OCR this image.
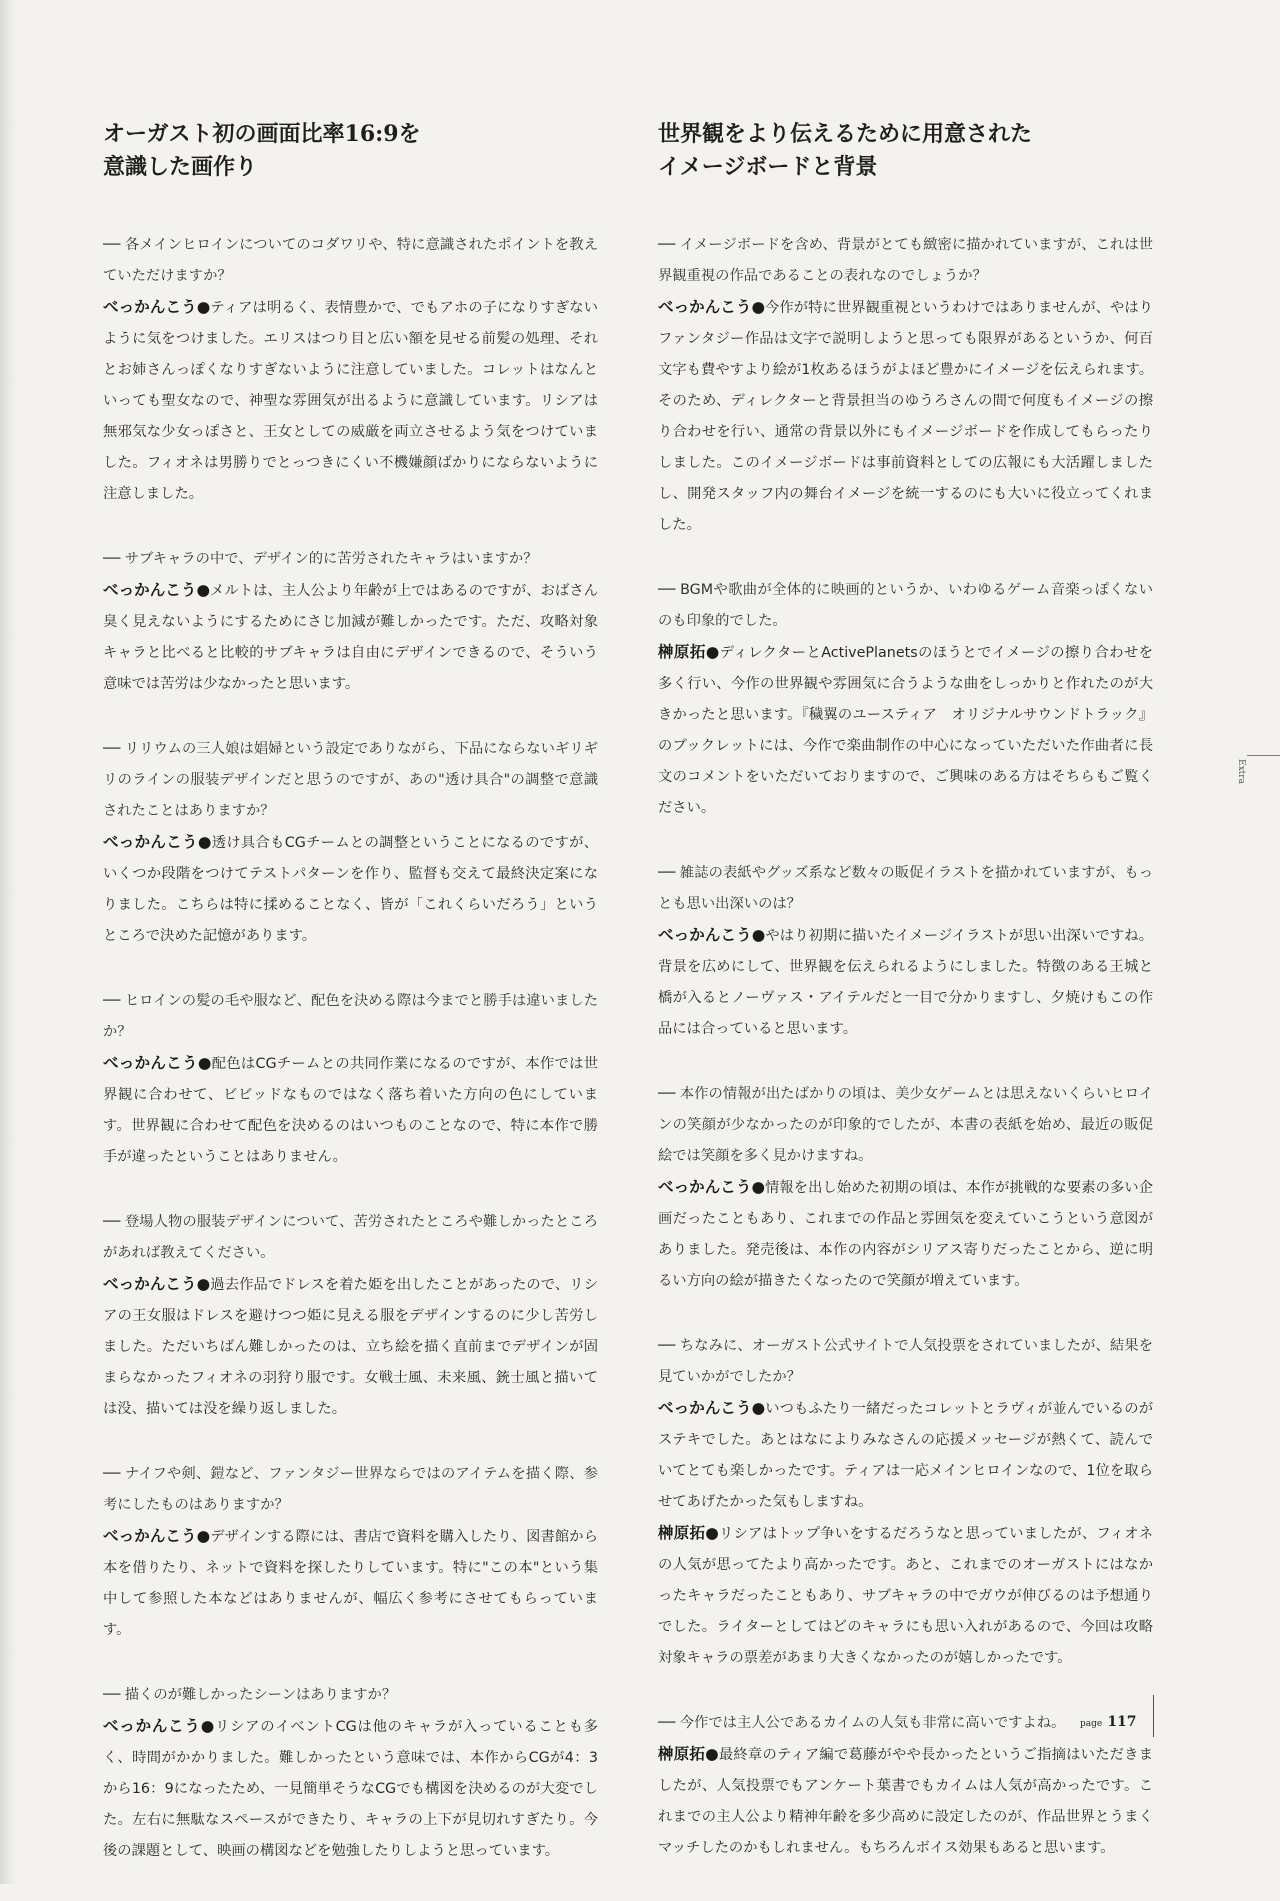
オーガスト初の画面比率16:9を
意識した画作り

── 各メインヒロインについてのコダワリや、特に意識されたポイントを教えていただけますか？

べっかんこう●ティアは明るく、表情豊かで、でもアホの子になりすぎないように気をつけました。エリスはつり目と広い額を見せる前髪の処理、それとお姉さんっぽくなりすぎないように注意していました。コレットはなんといっても聖女なので、神聖な雰囲気が出るように意識しています。リシアは無邪気な少女っぽさと、王女としての威厳を両立させるよう気をつけていました。フィオネは男勝りでとっつきにくい不機嫌顔ばかりにならないように注意しました。

── サブキャラの中で、デザイン的に苦労されたキャラはいますか？

べっかんこう●メルトは、主人公より年齢が上ではあるのですが、おばさん臭く見えないようにするためにさじ加減が難しかったです。ただ、攻略対象キャラと比べると比較的サブキャラは自由にデザインできるので、そういう意味では苦労は少なかったと思います。

── リリウムの三人娘は娼婦という設定でありながら、下品にならないギリギリのラインの服装デザインだと思うのですが、あの"透け具合"の調整で意識されたことはありますか？

べっかんこう●透け具合もCGチームとの調整ということになるのですが、いくつか段階をつけてテストパターンを作り、監督も交えて最終決定案になりました。こちらは特に揉めることなく、皆が「これくらいだろう」というところで決めた記憶があります。

── ヒロインの髪の毛や服など、配色を決める際は今までと勝手は違いましたか？

べっかんこう●配色はCGチームとの共同作業になるのですが、本作では世界観に合わせて、ビビッドなものではなく落ち着いた方向の色にしています。世界観に合わせて配色を決めるのはいつものことなので、特に本作で勝手が違ったということはありません。

── 登場人物の服装デザインについて、苦労されたところや難しかったところがあれば教えてください。

べっかんこう●過去作品でドレスを着た姫を出したことがあったので、リシアの王女服はドレスを避けつつ姫に見える服をデザインするのに少し苦労しました。ただいちばん難しかったのは、立ち絵を描く直前までデザインが固まらなかったフィオネの羽狩り服です。女戦士風、未来風、銃士風と描いては没、描いては没を繰り返しました。

── ナイフや剣、鎧など、ファンタジー世界ならではのアイテムを描く際、参考にしたものはありますか？

べっかんこう●デザインする際には、書店で資料を購入したり、図書館から本を借りたり、ネットで資料を探したりしています。特に"この本"という集中して参照した本などはありませんが、幅広く参考にさせてもらっています。

── 描くのが難しかったシーンはありますか？

べっかんこう●リシアのイベントCGは他のキャラが入っていることも多く、時間がかかりました。難しかったという意味では、本作からCGが4：3から16：9になったため、一見簡単そうなCGでも構図を決めるのが大変でした。左右に無駄なスペースができたり、キャラの上下が見切れすぎたり。今後の課題として、映画の構図などを勉強したりしようと思っています。

世界観をより伝えるために用意された
イメージボードと背景

── イメージボードを含め、背景がとても緻密に描かれていますが、これは世界観重視の作品であることの表れなのでしょうか？

べっかんこう●今作が特に世界観重視というわけではありませんが、やはりファンタジー作品は文字で説明しようと思っても限界があるというか、何百文字も費やすより絵が1枚あるほうがよほど豊かにイメージを伝えられます。そのため、ディレクターと背景担当のゆうろさんの間で何度もイメージの擦り合わせを行い、通常の背景以外にもイメージボードを作成してもらったりしました。このイメージボードは事前資料としての広報にも大活躍しましたし、開発スタッフ内の舞台イメージを統一するのにも大いに役立ってくれました。

── BGMや歌曲が全体的に映画的というか、いわゆるゲーム音楽っぽくないのも印象的でした。

榊原拓●ディレクターとActivePlanetsのほうとでイメージの擦り合わせを多く行い、今作の世界観や雰囲気に合うような曲をしっかりと作れたのが大きかったと思います。『穢翼のユースティア　オリジナルサウンドトラック』のブックレットには、今作で楽曲制作の中心になっていただいた作曲者に長文のコメントをいただいておりますので、ご興味のある方はそちらもご覧ください。

── 雑誌の表紙やグッズ系など数々の販促イラストを描かれていますが、もっとも思い出深いのは？

べっかんこう●やはり初期に描いたイメージイラストが思い出深いですね。背景を広めにして、世界観を伝えられるようにしました。特徴のある王城と橋が入るとノーヴァス・アイテルだと一目で分かりますし、夕焼けもこの作品には合っていると思います。

── 本作の情報が出たばかりの頃は、美少女ゲームとは思えないくらいヒロインの笑顔が少なかったのが印象的でしたが、本書の表紙を始め、最近の販促絵では笑顔を多く見かけますね。

べっかんこう●情報を出し始めた初期の頃は、本作が挑戦的な要素の多い企画だったこともあり、これまでの作品と雰囲気を変えていこうという意図がありました。発売後は、本作の内容がシリアス寄りだったことから、逆に明るい方向の絵が描きたくなったので笑顔が増えています。

── ちなみに、オーガスト公式サイトで人気投票をされていましたが、結果を見ていかがでしたか？

べっかんこう●いつもふたり一緒だったコレットとラヴィが並んでいるのがステキでした。あとはなによりみなさんの応援メッセージが熱くて、読んでいてとても楽しかったです。ティアは一応メインヒロインなので、1位を取らせてあげたかった気もしますね。

榊原拓●リシアはトップ争いをするだろうなと思っていましたが、フィオネの人気が思ってたより高かったです。あと、これまでのオーガストにはなかったキャラだったこともあり、サブキャラの中でガウが伸びるのは予想通りでした。ライターとしてはどのキャラにも思い入れがあるので、今回は攻略対象キャラの票差があまり大きくなかったのが嬉しかったです。

── 今作では主人公であるカイムの人気も非常に高いですよね。

榊原拓●最終章のティア編で葛藤がやや長かったというご指摘はいただきましたが、人気投票でもアンケート葉書でもカイムは人気が高かったです。これまでの主人公より精神年齢を多少高めに設定したのが、作品世界とうまくマッチしたのかもしれません。もちろんボイス効果もあると思います。

Extra
page 117
